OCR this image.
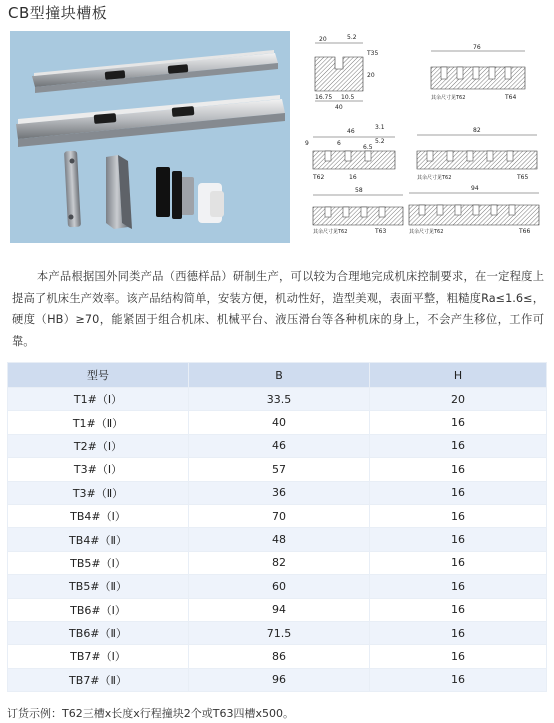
CB型撞块槽板
20	5.2
T35
20
16.75 10.5
40
76
其余尺寸见T62	T64
46
9	6
3.1
5.2
6.5
16
T62
82
其余尺寸见T62	T65
58
其余尺寸见T62	T63
94
其余尺寸见T62	T66

本产品根据国外同类产品（西德样品）研制生产，可以较为合理地完成机床控制要求，在一定程度上提高了机床生产效率。该产品结构简单，安装方便，机动性好，造型美观，表面平整，粗糙度Ra≤1.6≤，硬度（HB）≥70，能紧固于组合机床、机械平台、液压滑台等各种机床的身上，不会产生移位，工作可靠。

型号	B	H
T1#（Ⅰ）	33.5	20
T1#（Ⅱ）	40	16
T2#（Ⅰ）	46	16
T3#（Ⅰ）	57	16
T3#（Ⅱ）	36	16
TB4#（Ⅰ）	70	16
TB4#（Ⅱ）	48	16
TB5#（Ⅰ）	82	16
TB5#（Ⅱ）	60	16
TB6#（Ⅰ）	94	16
TB6#（Ⅱ）	71.5	16
TB7#（Ⅰ）	86	16
TB7#（Ⅱ）	96	16
订货示例：T62三槽x长度x行程撞块2个或T63四槽x500。
